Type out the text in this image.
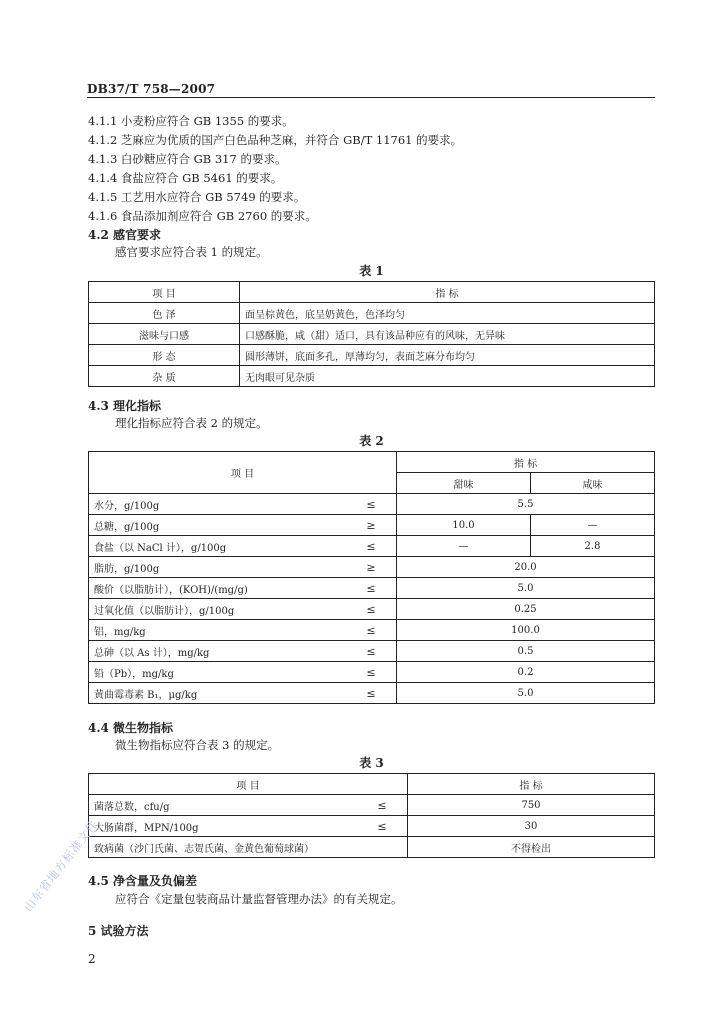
DB37/T 758—2007
4.1.1 小麦粉应符合 GB 1355 的要求。
4.1.2 芝麻应为优质的国产白色品种芝麻，并符合 GB/T 11761 的要求。
4.1.3 白砂糖应符合 GB 317 的要求。
4.1.4 食盐应符合 GB 5461 的要求。
4.1.5 工艺用水应符合 GB 5749 的要求。
4.1.6 食品添加剂应符合 GB 2760 的要求。
4.2 感官要求
感官要求应符合表 1 的规定。
表 1
项 目	指 标
色 泽	面呈棕黄色，底呈奶黄色，色泽均匀
滋味与口感	口感酥脆，咸（甜）适口，具有该品种应有的风味，无异味
形 态	圆形薄饼，底面多孔，厚薄均匀，表面芝麻分布均匀
杂 质	无肉眼可见杂质
4.3 理化指标
理化指标应符合表 2 的规定。
表 2
项 目		指 标	
		甜味	咸味
水分，g/100g	≤	5.5	
总糖，g/100g	≥	10.0	—
食盐（以 NaCl 计），g/100g	≤	—	2.8
脂肪，g/100g	≥	20.0	
酸价（以脂肪计），(KOH)/(mg/g)	≤	5.0	
过氧化值（以脂肪计），g/100g	≤	0.25	
铝，mg/kg	≤	100.0	
总砷（以 As 计），mg/kg	≤	0.5	
铅（Pb），mg/kg	≤	0.2	
黄曲霉毒素 B₁，μg/kg	≤	5.0	
4.4 微生物指标
微生物指标应符合表 3 的规定。
表 3
项 目		指 标
菌落总数，cfu/g	≤	750
大肠菌群，MPN/100g	≤	30
致病菌（沙门氏菌、志贺氏菌、金黄色葡萄球菌）		不得检出
4.5 净含量及负偏差
应符合《定量包装商品计量监督管理办法》的有关规定。
5 试验方法
2
山东省地方标准文件
